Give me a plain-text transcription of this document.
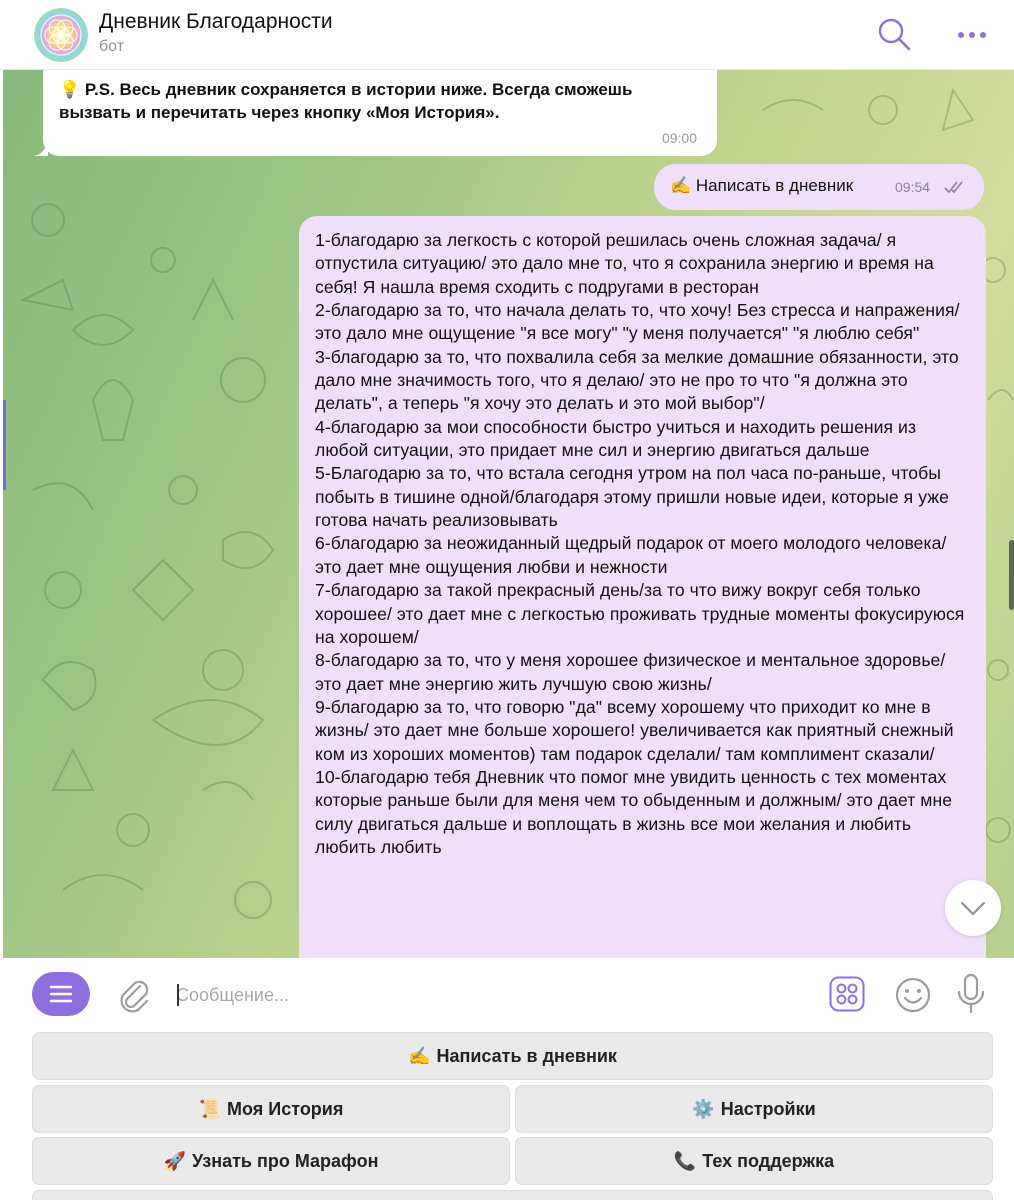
Дневник Благодарности
бот
💡 P.S. Весь дневник сохраняется в истории ниже. Всегда сможешь вызвать и перечитать через кнопку «Моя История».
09:00
✍️ Написать в дневник	09:54
1-благодарю за легкость с которой решилась очень сложная задача/ я отпустила ситуацию/ это дало мне то, что я сохранила энергию и время на себя! Я нашла время сходить с подругами в ресторан
2-благодарю за то, что начала делать то, что хочу! Без стресса и напражения/ это дало мне ощущение "я все могу" "у меня получается" "я люблю себя"
3-благодарю за то, что похвалила себя за мелкие домашние обязанности, это дало мне значимость того, что я делаю/ это не про то что "я должна это делать", а теперь "я хочу это делать и это мой выбор"/
4-благодарю за мои способности быстро учиться и находить решения из любой ситуации, это придает мне сил и энергию двигаться дальше
5-Благодарю за то, что встала сегодня утром на пол часа по-раньше, чтобы побыть в тишине одной/благодаря этому пришли новые идеи, которые я уже готова начать реализовывать
6-благодарю за неожиданный щедрый подарок от моего молодого человека/это дает мне ощущения любви и нежности
7-благодарю за такой прекрасный день/за то что вижу вокруг себя только хорошее/ это дает мне с легкостью проживать трудные моменты фокусируюся на хорошем/
8-благодарю за то, что у меня хорошее физическое и ментальное здоровье/ это дает мне энергию жить лучшую свою жизнь/
9-благодарю за то, что говорю "да" всему хорошему что приходит ко мне в жизнь/ это дает мне больше хорошего! увеличивается как приятный снежный ком из хороших моментов) там подарок сделали/ там комплимент сказали/
10-благодарю тебя Дневник что помог мне увидить ценность с тех моментах которые раньше были для меня чем то обыденным и должным/ это дает мне силу двигаться дальше и воплощать в жизнь все мои желания и любить любить любить
Сообщение...
✍️ Написать в дневник
📜 Моя История	⚙️ Настройки
🚀 Узнать про Марафон	📞 Тех поддержка
